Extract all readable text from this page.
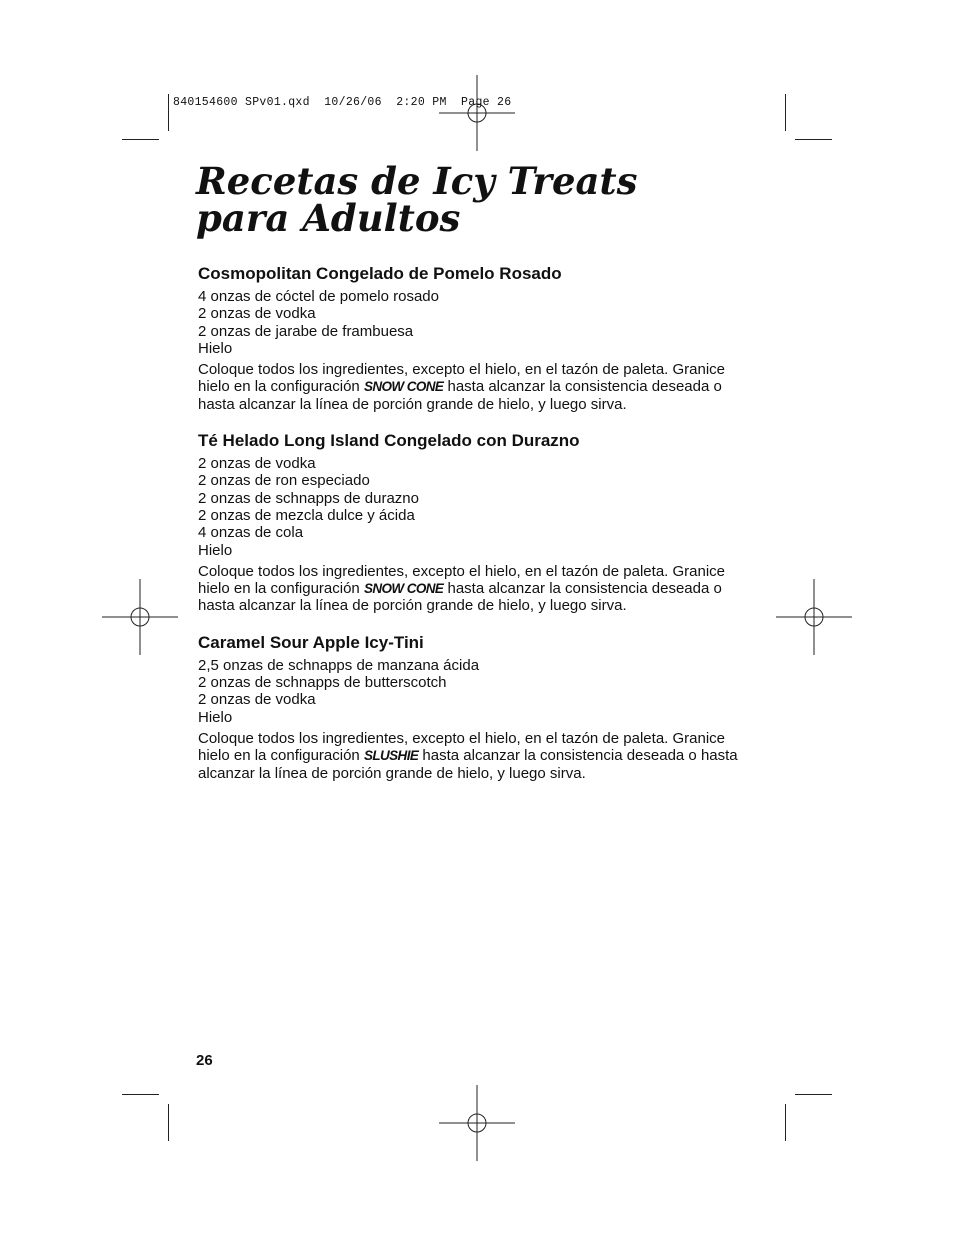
840154600 SPv01.qxd  10/26/06  2:20 PM  Page 26
Recetas de Icy Treats
para Adultos
Cosmopolitan Congelado de Pomelo Rosado
4 onzas de cóctel de pomelo rosado
2 onzas de vodka
2 onzas de jarabe de frambuesa
Hielo

Coloque todos los ingredientes, excepto el hielo, en el tazón de paleta. Granice hielo en la configuración SNOW CONE hasta alcanzar la consistencia deseada o hasta alcanzar la línea de porción grande de hielo, y luego sirva.

Té Helado Long Island Congelado con Durazno
2 onzas de vodka
2 onzas de ron especiado
2 onzas de schnapps de durazno
2 onzas de mezcla dulce y ácida
4 onzas de cola
Hielo

Coloque todos los ingredientes, excepto el hielo, en el tazón de paleta. Granice hielo en la configuración SNOW CONE hasta alcanzar la consistencia deseada o hasta alcanzar la línea de porción grande de hielo, y luego sirva.

Caramel Sour Apple Icy-Tini
2,5 onzas de schnapps de manzana ácida
2 onzas de schnapps de butterscotch
2 onzas de vodka
Hielo

Coloque todos los ingredientes, excepto el hielo, en el tazón de paleta. Granice hielo en la configuración SLUSHIE hasta alcanzar la consistencia deseada o hasta alcanzar la línea de porción grande de hielo, y luego sirva.

26
